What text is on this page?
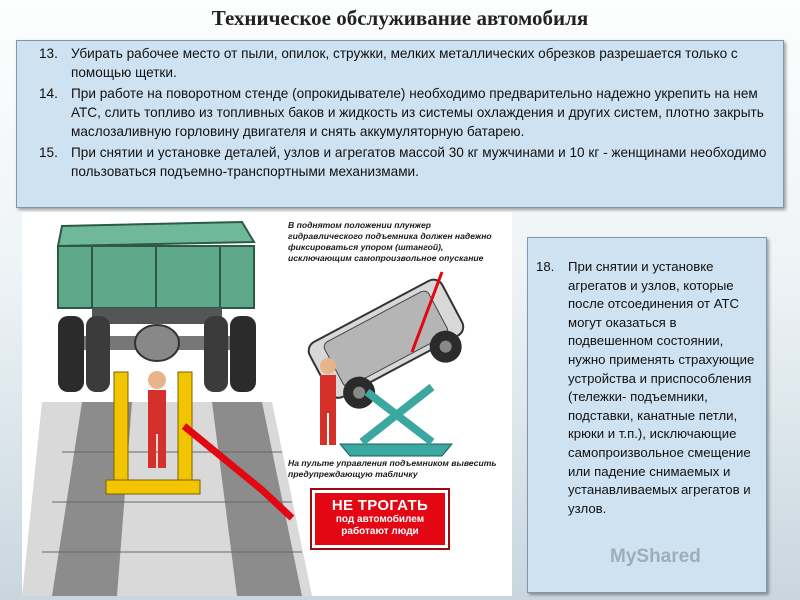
Техническое обслуживание автомобиля
13. Убирать рабочее место от пыли, опилок, стружки, мелких металлических обрезков разрешается только с помощью щетки.
14. При работе на поворотном стенде (опрокидывателе) необходимо предварительно надежно укрепить на нем АТС, слить топливо из топливных баков и жидкость из системы охлаждения и других систем, плотно закрыть маслозаливную горловину двигателя и снять аккумуляторную батарею.
15. При снятии и установке деталей, узлов и агрегатов массой 30 кг мужчинами и 10 кг - женщинами необходимо пользоваться подъемно-транспортными механизмами.
В поднятом положении плунжер гидравлического подъемника должен надежно фиксироваться упором (штангой), исключающим самопроизвольное опускание
На пульте управления подъемником вывесить предупреждающую табличку
НЕ ТРОГАТЬ
под автомобилем работают люди
18.	При снятии и установке агрегатов и узлов, которые после отсоединения от АТС могут оказаться в подвешенном состоянии, нужно применять страхующие устройства и приспособления (тележки- подъемники, подставки, канатные петли, крюки и т.п.), исключающие самопроизвольное смещение или падение снимаемых и устанавливаемых агрегатов и узлов.
MyShared
